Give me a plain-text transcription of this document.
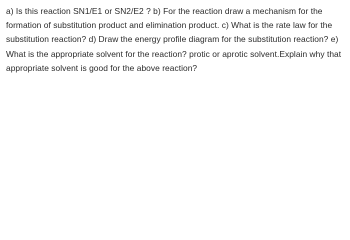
a) Is this reaction SN1/E1 or SN2/E2 ? b) For the reaction draw a mechanism for the
formation of substitution product and elimination product. c) What is the rate law for the
substitution reaction? d) Draw the energy profile diagram for the substitution reaction? e)
What is the appropriate solvent for the reaction? protic or aprotic solvent.Explain why that
appropriate solvent is good for the above reaction?
